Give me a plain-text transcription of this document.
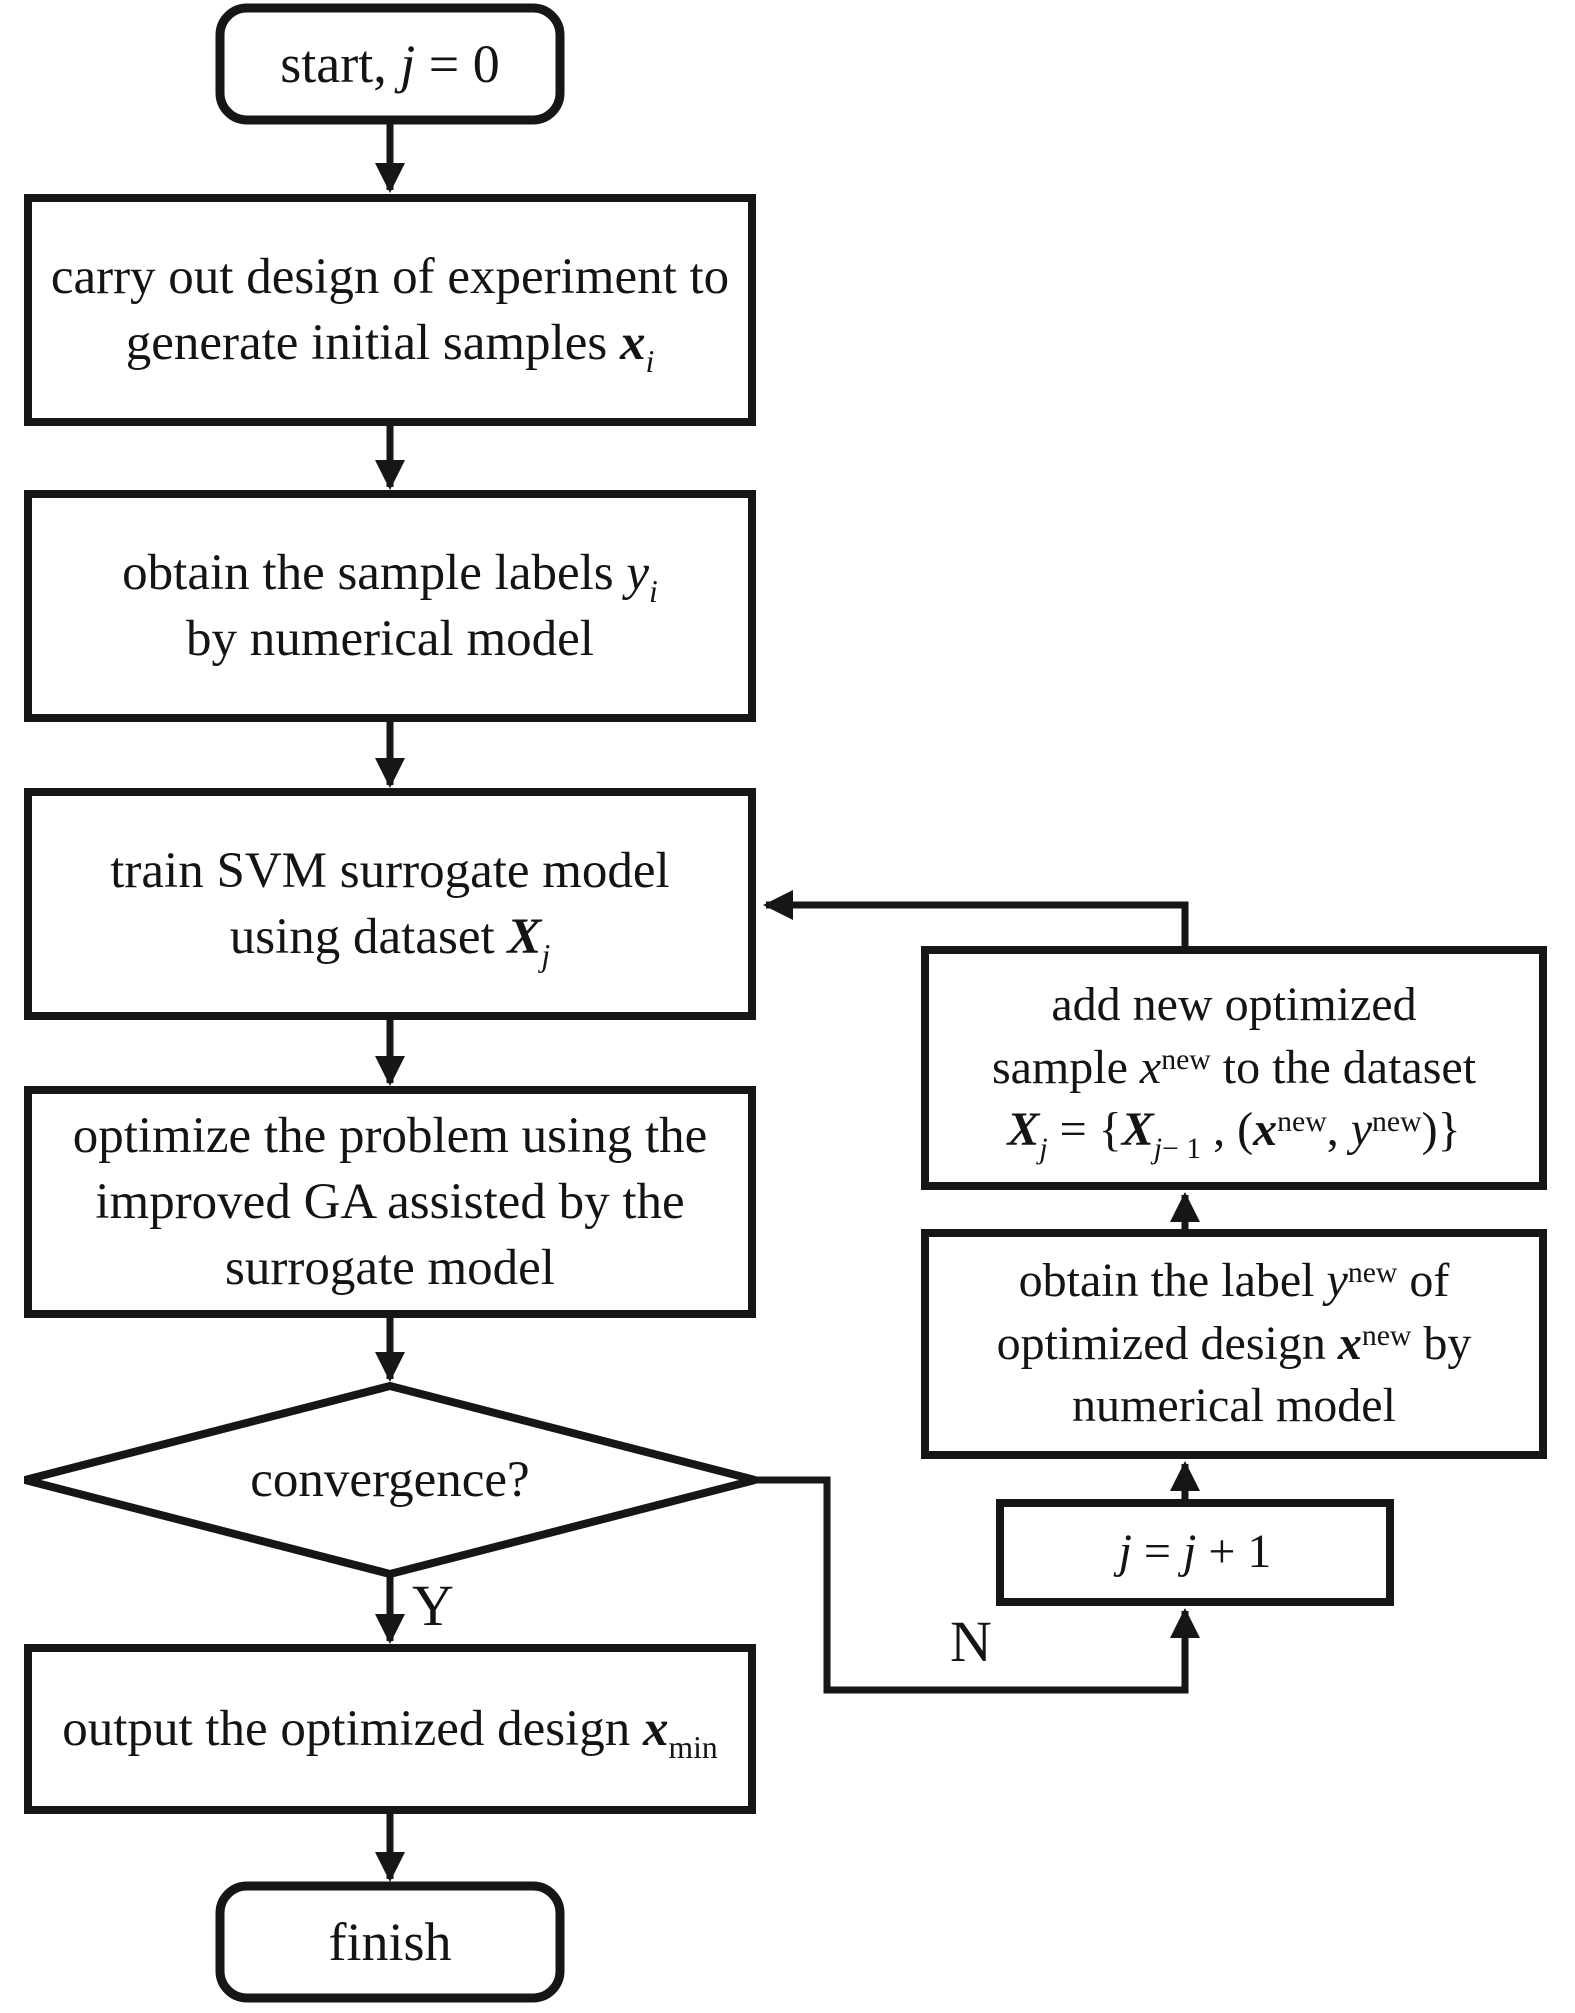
start, j = 0
carry out design of experiment to
generate initial samples xi
obtain the sample labels yi
by numerical model
train SVM surrogate model
using dataset Xj
optimize the problem using the
improved GA assisted by the
surrogate model
convergence?
output the optimized design xmin
finish
add new optimized
sample xnew to the dataset
Xj = {Xj− 1 , (xnew, ynew)}
obtain the label ynew of
optimized design xnew by
numerical model
j = j + 1
Y
N
